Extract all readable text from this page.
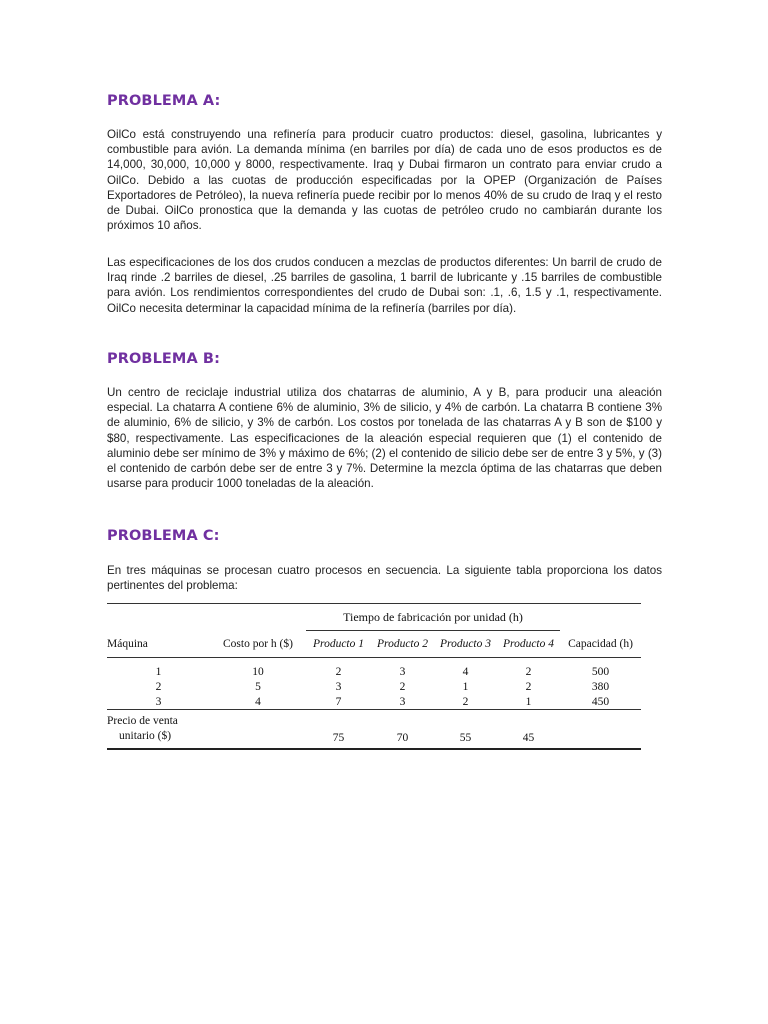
PROBLEMA A:
OilCo está construyendo una refinería para producir cuatro productos: diesel, gasolina, lubricantes y combustible para avión. La demanda mínima (en barriles por día) de cada uno de esos productos es de 14,000, 30,000, 10,000 y 8000, respectivamente. Iraq y Dubai firmaron un contrato para enviar crudo a OilCo. Debido a las cuotas de producción especificadas por la OPEP (Organización de Países Exportadores de Petróleo), la nueva refinería puede recibir por lo menos 40% de su crudo de Iraq y el resto de Dubai. OilCo pronostica que la demanda y las cuotas de petróleo crudo no cambiarán durante los próximos 10 años.
Las especificaciones de los dos crudos conducen a mezclas de productos diferentes: Un barril de crudo de Iraq rinde .2 barriles de diesel, .25 barriles de gasolina, 1 barril de lubricante y .15 barriles de combustible para avión. Los rendimientos correspondientes del crudo de Dubai son: .1, .6, 1.5 y .1, respectivamente. OilCo necesita determinar la capacidad mínima de la refinería (barriles por día).
PROBLEMA B:
Un centro de reciclaje industrial utiliza dos chatarras de aluminio, A y B, para producir una aleación especial. La chatarra A contiene 6% de aluminio, 3% de silicio, y 4% de carbón. La chatarra B contiene 3% de aluminio, 6% de silicio, y 3% de carbón. Los costos por tonelada de las chatarras A y B son de $100 y $80, respectivamente. Las especificaciones de la aleación especial requieren que (1) el contenido de aluminio debe ser mínimo de 3% y máximo de 6%; (2) el contenido de silicio debe ser de entre 3 y 5%, y (3) el contenido de carbón debe ser de entre 3 y 7%. Determine la mezcla óptima de las chatarras que deben usarse para producir 1000 toneladas de la aleación.
PROBLEMA C:
En tres máquinas se procesan cuatro procesos en secuencia. La siguiente tabla proporciona los datos pertinentes del problema:

		Tiempo de fabricación por unidad (h)				
Máquina	Costo por h ($)	Producto 1	Producto 2	Producto 3	Producto 4	Capacidad (h)

1	10	2	3	4	2	500
2	5	3	2	1	2	380
3	4	7	3	2	1	450

Precio de venta
unitario ($)		75	70	55	45	
